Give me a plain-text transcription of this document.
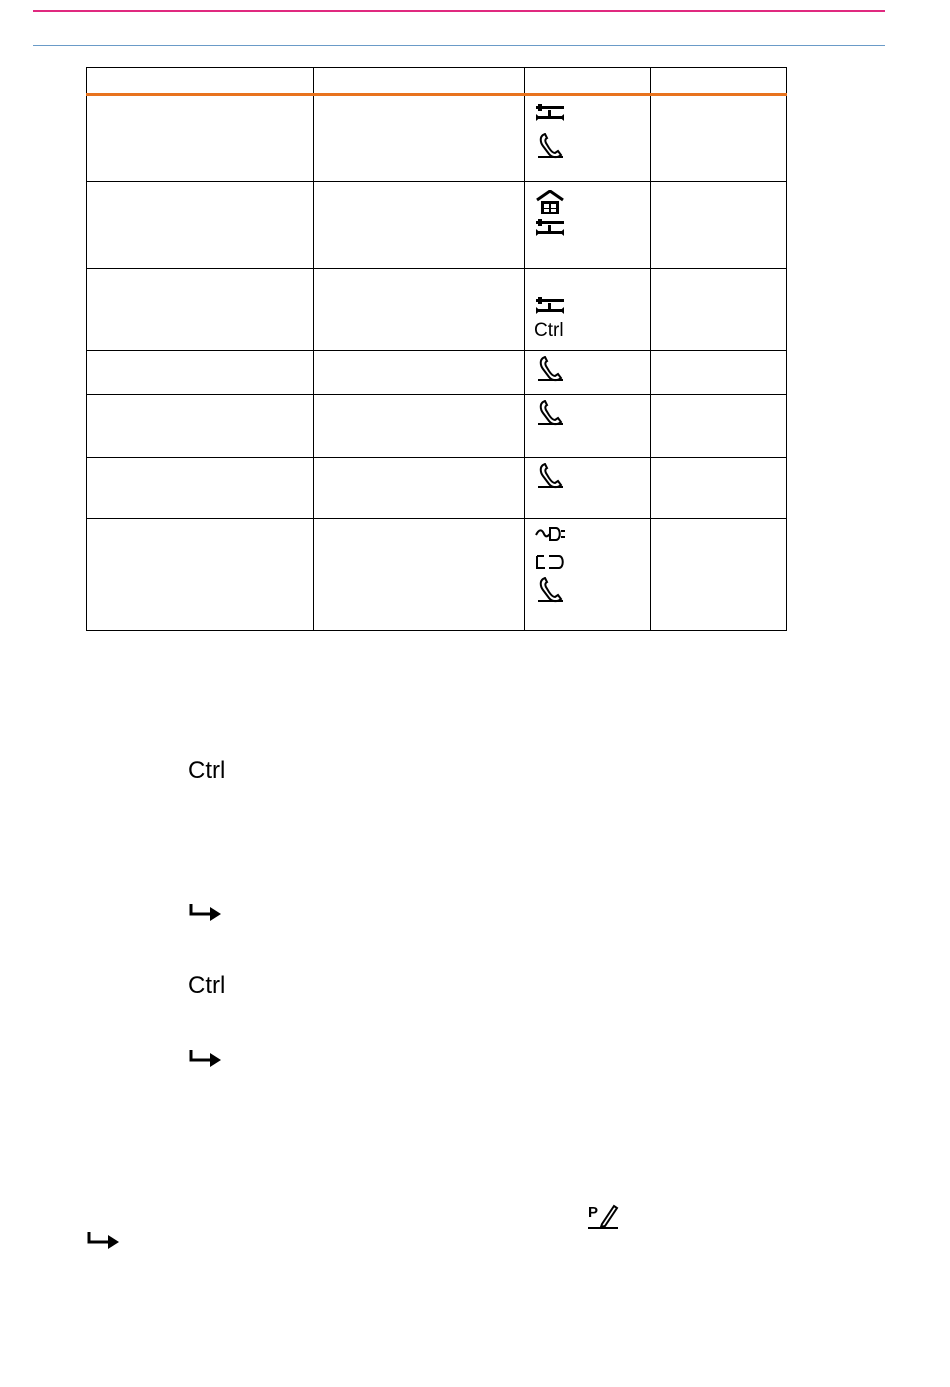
		Ctrl	

Ctrl
Ctrl
